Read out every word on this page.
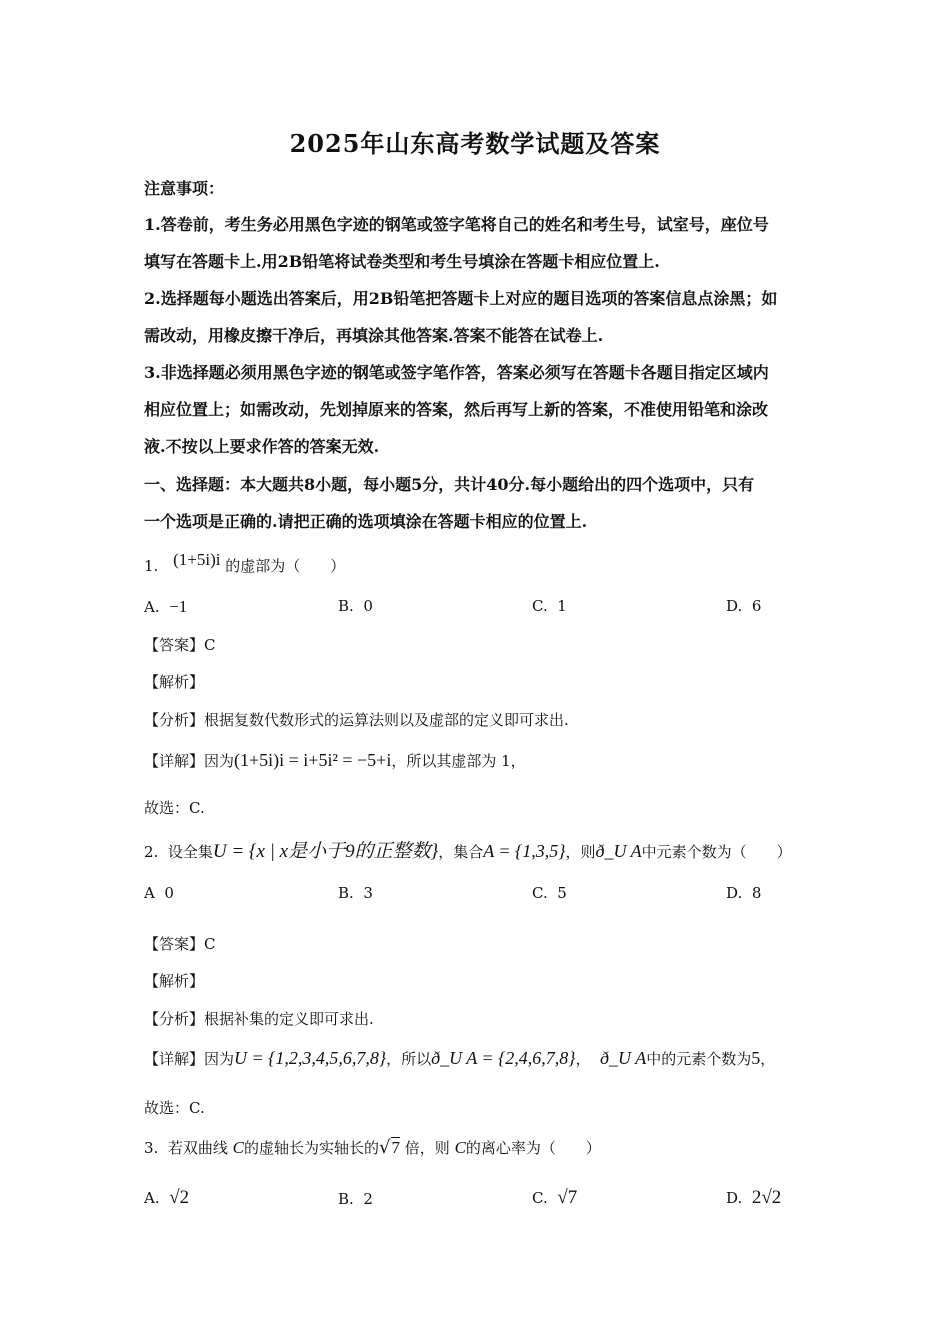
2025年山东高考数学试题及答案
注意事项：
1.答卷前，考生务必用黑色字迹的钢笔或签字笔将自己的姓名和考生号，试室号，座位号
填写在答题卡上.用2B铅笔将试卷类型和考生号填涂在答题卡相应位置上.
2.选择题每小题选出答案后，用2B铅笔把答题卡上对应的题目选项的答案信息点涂黑；如
需改动，用橡皮擦干净后，再填涂其他答案.答案不能答在试卷上.
3.非选择题必须用黑色字迹的钢笔或签字笔作答，答案必须写在答题卡各题目指定区域内
相应位置上；如需改动，先划掉原来的答案，然后再写上新的答案，不准使用铅笔和涂改
液.不按以上要求作答的答案无效.
一、选择题：本大题共8小题，每小题5分，共计40分.每小题给出的四个选项中，只有
一个选项是正确的.请把正确的选项填涂在答题卡相应的位置上.
1. (1+5i)i 的虚部为（　　）
A. −1	B. 0	C. 1	D. 6
【答案】C
【解析】
【分析】根据复数代数形式的运算法则以及虚部的定义即可求出.
【详解】因为(1+5i)i = i+5i² = −5+i，所以其虚部为 1，
故选：C.
2. 设全集U = {x | x是小于9的正整数}，集合A = {1,3,5}，则ð_U A中元素个数为（　　）
A 0	B. 3	C. 5	D. 8
【答案】C
【解析】
【分析】根据补集的定义即可求出.
【详解】因为U = {1,2,3,4,5,6,7,8}，所以ð_U A = {2,4,6,7,8}， ð_U A中的元素个数为5，
故选：C.
3. 若双曲线 C的虚轴长为实轴长的√7 倍，则 C的离心率为（　　）
A. √2	B. 2	C. √7	D. 2√2
